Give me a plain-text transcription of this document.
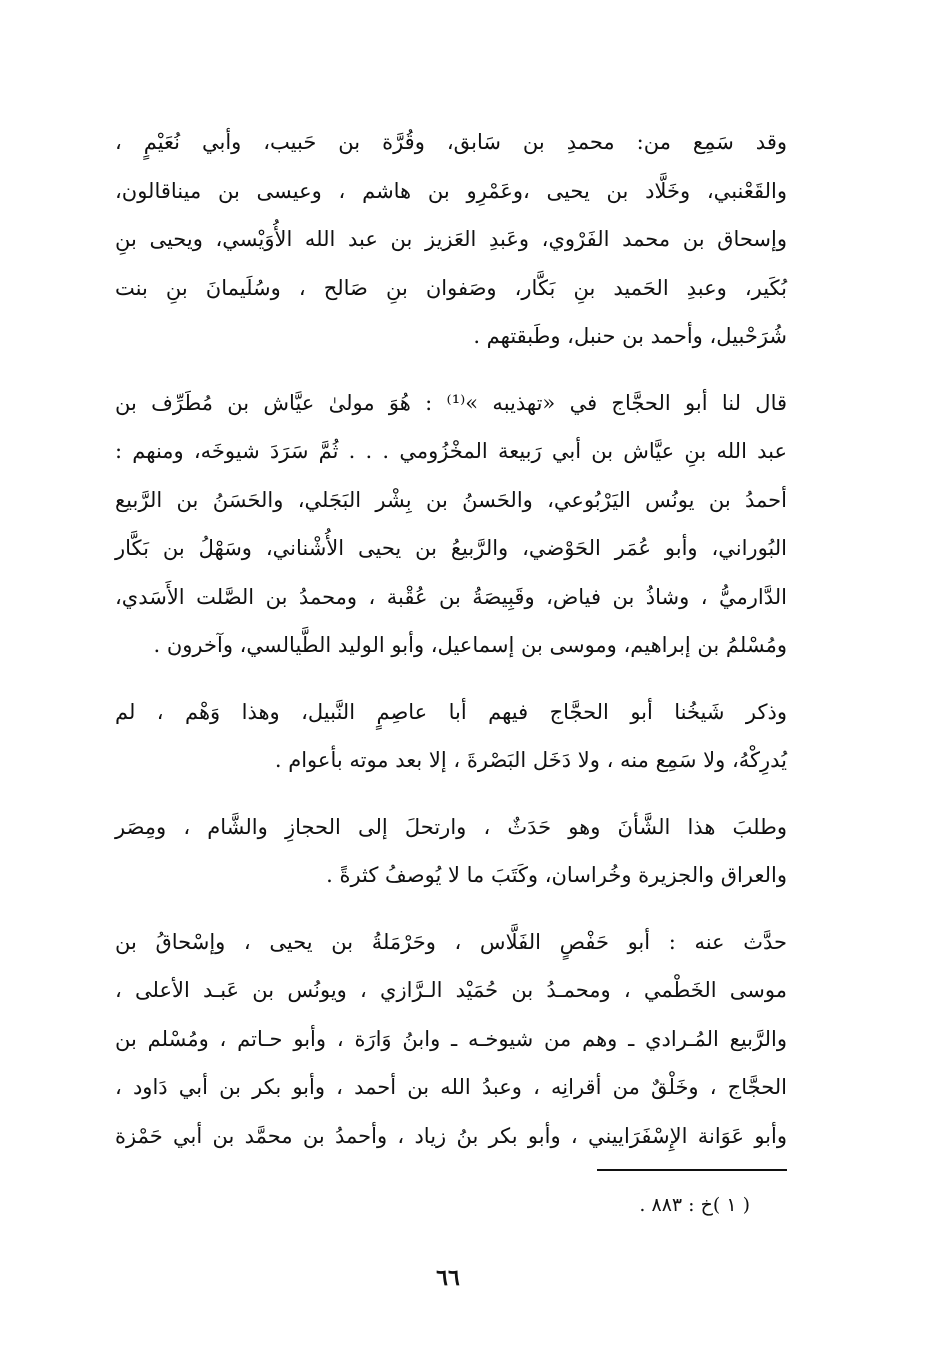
وقد سَمِع من: محمدِ بن سَابق، وقُرَّة بن حَبيب، وأبي نُعَيْمٍ ،
والقَعْنبي، وخَلَّاد بن يحيى ،وعَمْرِو بن هاشم ، وعيسى بن ميناقالون،
وإسحاق بن محمد الفَرْوي، وعَبدِ العَزيز بن عبد الله الأُوَيْسي، ويحيى بنِ
بُكَير، وعبدِ الحَميد بنِ بَكَّار، وصَفوان بنِ صَالح ، وسُلَيمانَ بنِ بنت
شُرَحْبيل، وأحمد بن حنبل، وطَبقتهم .
قال لنا أبو الحجَّاج في «تهذيبه »⁽¹⁾ : هُوَ مولىٰ عيَّاش بن مُطَرِّف بن
عبد الله بنِ عيَّاش بن أبي رَبيعة المخْزُومي . . . ثُمَّ سَرَدَ شيوخَه، ومنهم :
أحمدُ بن يونُس اليَرْبُوعي، والحَسنُ بن بِشْر البَجَلي، والحَسَنُ بن الرَّبيع
البُوراني، وأبو عُمَر الحَوْضي، والرَّبيعُ بن يحيى الأُشْناني، وسَهْلُ بن بَكَّار
الدَّارميُّ ، وشاذُ بن فياض، وقَبِيصَةُ بن عُقْبة ، ومحمدُ بن الصَّلت الأَسَدي،
ومُسْلمُ بن إبراهيم، وموسى بن إسماعيل، وأبو الوليد الطَّيالسي، وآخرون .
وذكر شَيخُنا أبو الحجَّاج فيهم أبا عاصِمٍ النَّبيل، وهذا وَهْم ، لم
يُدرِكْهُ، ولا سَمِع منه ، ولا دَخَل البَصْرةَ ، إلا بعد موته بأعوام .
وطلبَ هذا الشَّأنَ وهو حَدَثٌ ، وارتحلَ إلى الحجازِ والشَّام ، ومِصَر
والعراق والجزيرة وخُراسان، وكَتَبَ ما لا يُوصفُ كثرةً .
حدَّث عنه : أبو حَفْصٍ الفَلَّاس ، وحَرْمَلةُ بن يحيى ، وإسْحاقُ بن
موسى الخَطْمي ، ومحمـدُ بن حُمَيْد الـرَّازي ، ويونُس بن عَبـد الأعلى ،
والرَّبيع المُـرادي ـ وهم من شيوخـه ـ وابنُ وَارَة ، وأبو حـاتم ، ومُسْلم بن
الحجَّاج ، وخَلْقٌ من أقرانِه ، وعبدُ الله بن أحمد ، وأبو بكر بن أبي دَاود ،
وأبو عَوَانة الإِسْفَرَاييني ، وأبو بكر بنُ زياد ، وأحمدُ بن محمَّد بن أبي حَمْزة
( ١ )خ : ٨٨٣ .
٦٦
